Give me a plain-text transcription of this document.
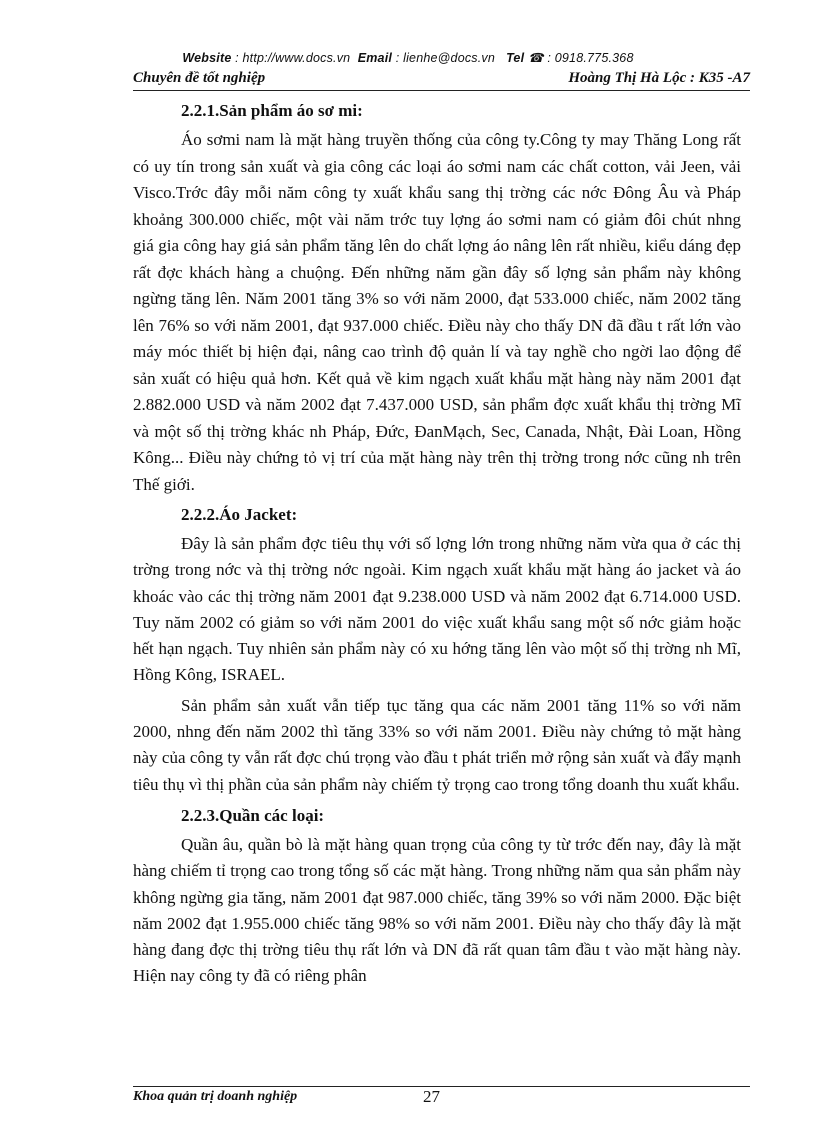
Website : http://www.docs.vn Email : lienhe@docs.vn Tel ☎ : 0918.775.368
Chuyên đề tốt nghiệp	Hoàng Thị Hà Lộc : K35 -A7
2.2.1.Sản phẩm áo sơ mi:

Áo sơmi nam là mặt hàng truyền thống của công ty.Công ty may Thăng Long rất có uy tín trong sản xuất và gia công các loại áo sơmi nam các chất cotton, vải Jeen, vải Visco.Trớc đây mỗi năm công ty xuất khẩu sang thị trờng các nớc Đông Âu và Pháp khoảng 300.000 chiếc, một vài năm trớc tuy lợng áo sơmi nam có giảm đôi chút nhng giá gia công hay giá sản phẩm tăng lên do chất lợng áo nâng lên rất nhiều, kiểu dáng đẹp rất đợc khách hàng a chuộng. Đến những năm gần đây số lợng sản phẩm này không ngừng tăng lên. Năm 2001 tăng 3% so với năm 2000, đạt 533.000 chiếc, năm 2002 tăng lên 76% so với năm 2001, đạt 937.000 chiếc. Điều này cho thấy DN đã đầu t rất lớn vào máy móc thiết bị hiện đại, nâng cao trình độ quản lí và tay nghề cho ngời lao động để sản xuất có hiệu quả hơn. Kết quả về kim ngạch xuất khẩu mặt hàng này năm 2001 đạt 2.882.000 USD và năm 2002 đạt 7.437.000 USD, sản phẩm đợc xuất khẩu thị trờng Mĩ và một số thị trờng khác nh Pháp, Đức, ĐanMạch, Sec, Canada, Nhật, Đài Loan, Hồng Kông... Điều này chứng tỏ vị trí của mặt hàng này trên thị trờng trong nớc cũng nh trên Thế giới.

2.2.2.Áo Jacket:

Đây là sản phẩm đợc tiêu thụ với số lợng lớn trong những năm vừa qua ở các thị trờng trong nớc và thị trờng nớc ngoài. Kim ngạch xuất khẩu mặt hàng áo jacket và áo khoác vào các thị trờng năm 2001 đạt 9.238.000 USD và năm 2002 đạt 6.714.000 USD. Tuy năm 2002 có giảm so với năm 2001 do việc xuất khẩu sang một số nớc giảm hoặc hết hạn ngạch. Tuy nhiên sản phẩm này có xu hớng tăng lên vào một số thị trờng nh Mĩ, Hồng Kông, ISRAEL.

Sản phẩm sản xuất vẫn tiếp tục tăng qua các năm 2001 tăng 11% so với năm 2000, nhng đến năm 2002 thì tăng 33% so với năm 2001. Điều này chứng tỏ mặt hàng này của công ty vẫn rất đợc chú trọng vào đầu t phát triển mở rộng sản xuất và đẩy mạnh tiêu thụ vì thị phần của sản phẩm này chiếm tỷ trọng cao trong tổng doanh thu xuất khẩu.

2.2.3.Quần các loại:

Quần âu, quần bò là mặt hàng quan trọng của công ty từ trớc đến nay, đây là mặt hàng chiếm tỉ trọng cao trong tổng số các mặt hàng. Trong những năm qua sản phẩm này không ngừng gia tăng, năm 2001 đạt 987.000 chiếc, tăng 39% so với năm 2000. Đặc biệt năm 2002 đạt 1.955.000 chiếc tăng 98% so với năm 2001. Điều này cho thấy đây là mặt hàng đang đợc thị trờng tiêu thụ rất lớn và DN đã rất quan tâm đầu t vào mặt hàng này. Hiện nay công ty đã có riêng phân

Khoa quản trị doanh nghiệp	27
